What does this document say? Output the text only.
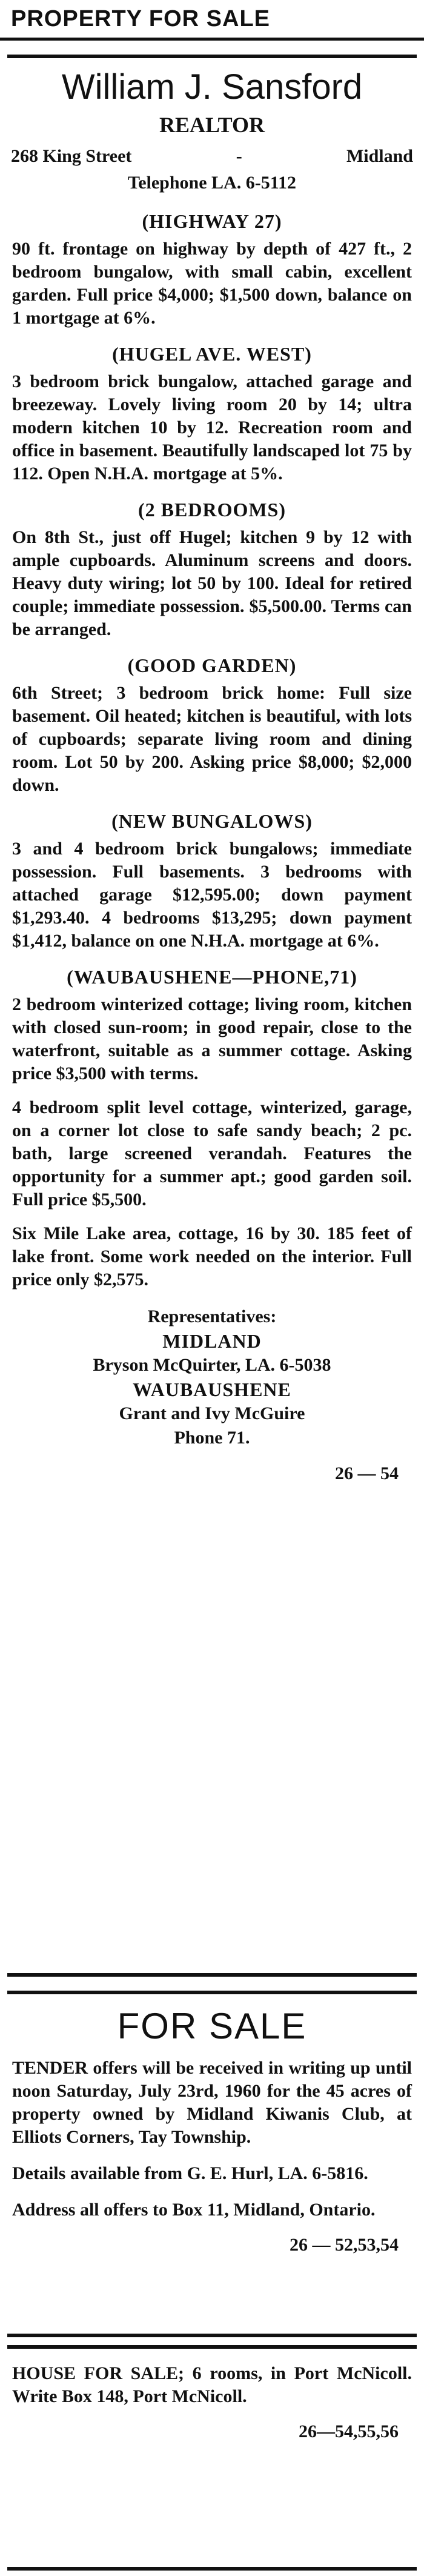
PROPERTY FOR SALE
William J. Sansford
REALTOR
268 King Street	-	Midland
Telephone LA. 6-5112
(HIGHWAY 27)

90 ft. frontage on highway by depth of 427 ft., 2 bedroom bungalow, with small cabin, excellent garden. Full price $4,000; $1,500 down, balance on 1 mortgage at 6%.

(HUGEL AVE. WEST)

3 bedroom brick bungalow, attached garage and breezeway. Lovely living room 20 by 14; ultra modern kitchen 10 by 12. Recreation room and office in basement. Beautifully landscaped lot 75 by 112. Open N.H.A. mortgage at 5%.

(2 BEDROOMS)

On 8th St., just off Hugel; kitchen 9 by 12 with ample cupboards. Aluminum screens and doors. Heavy duty wiring; lot 50 by 100. Ideal for retired couple; immediate possession. $5,500.00. Terms can be arranged.

(GOOD GARDEN)

6th Street; 3 bedroom brick home: Full size basement. Oil heated; kitchen is beautiful, with lots of cupboards; separate living room and dining room. Lot 50 by 200. Asking price $8,000; $2,000 down.

(NEW BUNGALOWS)

3 and 4 bedroom brick bungalows; immediate possession. Full basements. 3 bedrooms with attached garage $12,595.00; down payment $1,293.40. 4 bedrooms $13,295; down payment $1,412, balance on one N.H.A. mortgage at 6%.

(WAUBAUSHENE—PHONE,71)

2 bedroom winterized cottage; living room, kitchen with closed sun-room; in good repair, close to the waterfront, suitable as a summer cottage. Asking price $3,500 with terms.

4 bedroom split level cottage, winterized, garage, on a corner lot close to safe sandy beach; 2 pc. bath, large screened verandah. Features the opportunity for a summer apt.; good garden soil. Full price $5,500.

Six Mile Lake area, cottage, 16 by 30. 185 feet of lake front. Some work needed on the interior. Full price only $2,575.

Representatives:
MIDLAND
Bryson McQuirter, LA. 6-5038
WAUBAUSHENE
Grant and Ivy McGuire
Phone 71.
26 — 54
FOR SALE

TENDER offers will be received in writing up until noon Saturday, July 23rd, 1960 for the 45 acres of property owned by Midland Kiwanis Club, at Elliots Corners, Tay Township.

Details available from G. E. Hurl, LA. 6-5816.

Address all offers to Box 11, Midland, Ontario.

26 — 52,53,54

HOUSE FOR SALE; 6 rooms, in Port McNicoll. Write Box 148, Port McNicoll.

26—54,55,56
